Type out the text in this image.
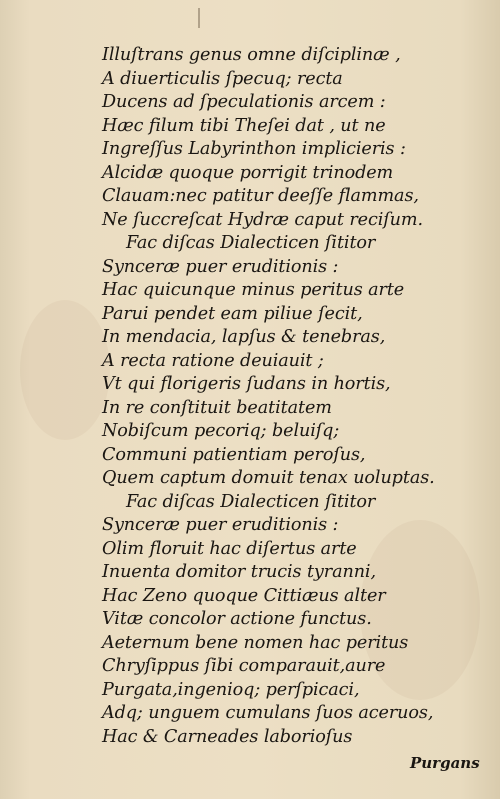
Illuſtrans genus omne diſciplinæ ,
A diuerticulis ſpecuq; recta
Ducens ad ſpeculationis arcem :
Hæc filum tibi Theſei dat , ut ne
Ingreſſus Labyrinthon implicieris :
Alcidæ quoque porrigit trinodem
Clauam:nec patitur deeſſe flammas,
Ne ſuccreſcat Hydræ caput reciſum.
Fac diſcas Dialecticen ſititor
Synceræ puer eruditionis :
Hac quicunque minus peritus arte
Parui pendet eam piliue ſecit,
In mendacia, lapſus & tenebras,
A recta ratione deuiauit ;
Vt qui florigeris ſudans in hortis,
In re conſtituit beatitatem
Nobiſcum pecoriq; beluiſq;
Communi patientiam peroſus,
Quem captum domuit tenax uoluptas.
Fac diſcas Dialecticen ſititor
Synceræ puer eruditionis :
Olim floruit hac diſertus arte
Inuenta domitor trucis tyranni,
Hac Zeno quoque Cittiæus alter
Vitæ concolor actione functus.
Aeternum bene nomen hac peritus
Chryſippus ſibi comparauit,aure
Purgata,ingenioq; perſpicaci,
Adq; unguem cumulans ſuos aceruos,
Hac & Carneades laborioſus
Purgans
